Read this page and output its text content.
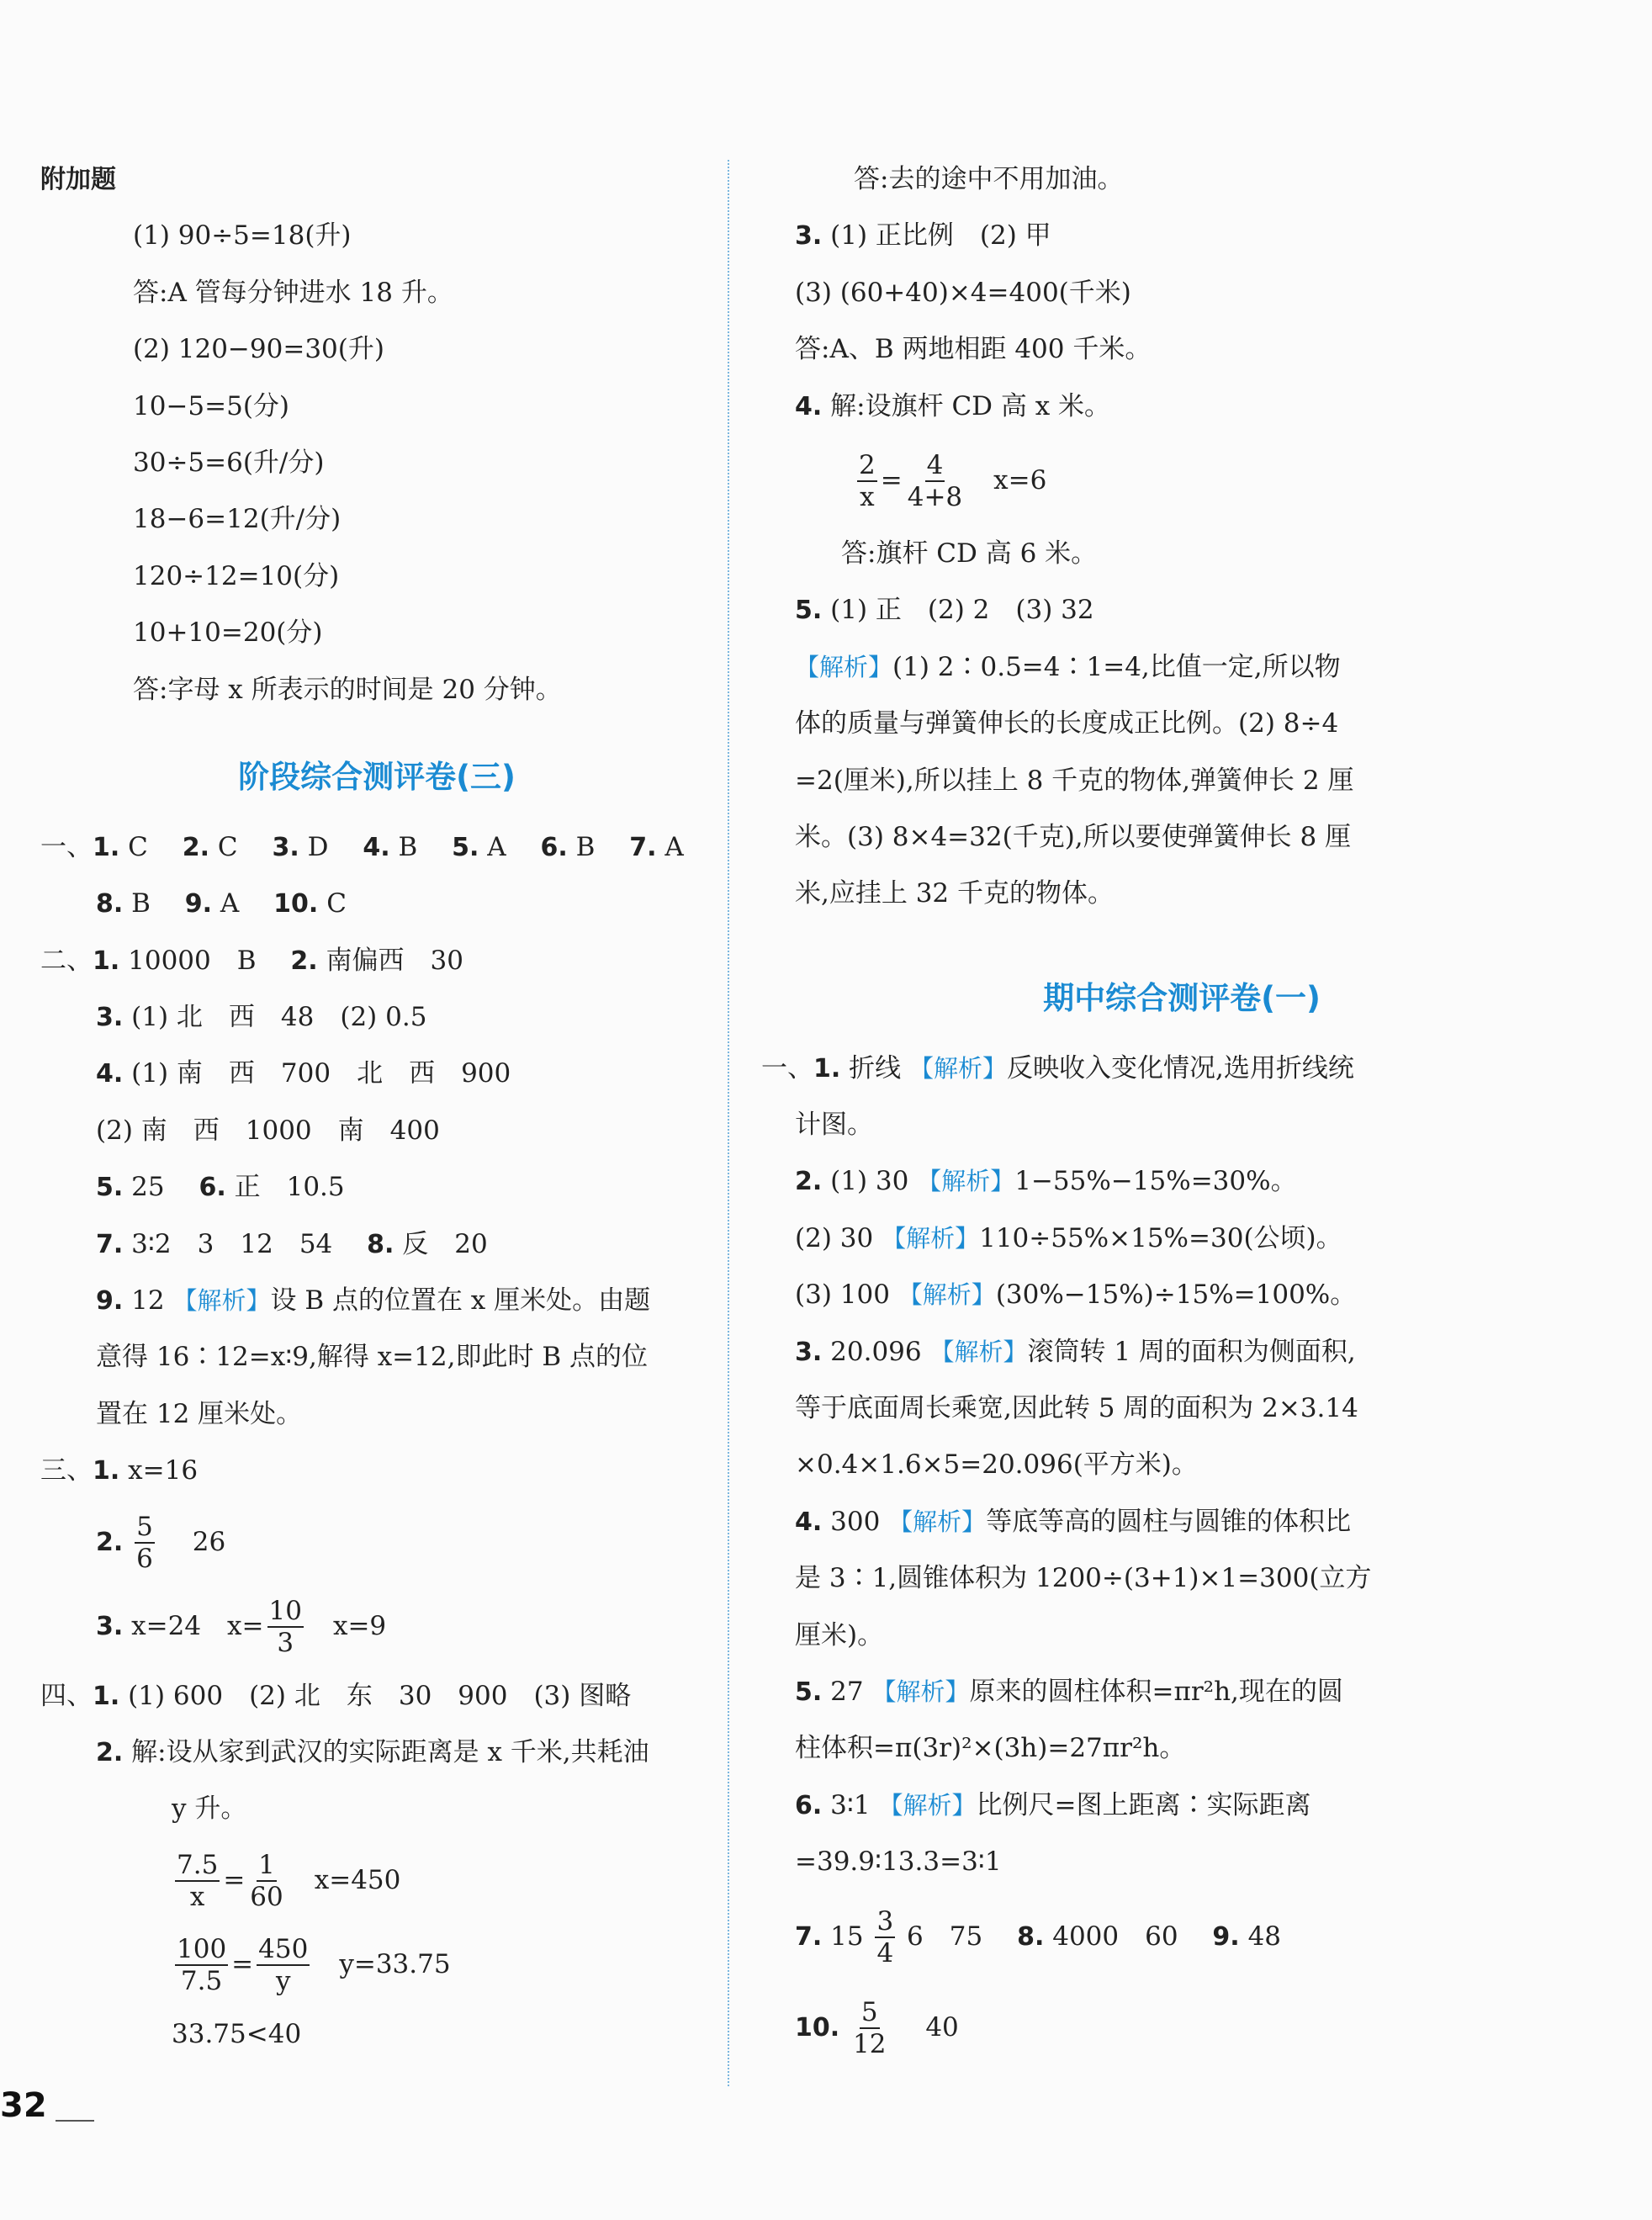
附加题
(1) 90÷5=18(升)
答:A 管每分钟进水 18 升。
(2) 120−90=30(升)
10−5=5(分)
30÷5=6(升/分)
18−6=12(升/分)
120÷12=10(分)
10+10=20(分)
答:字母 x 所表示的时间是 20 分钟。
阶段综合测评卷(三)
一、1. C 　 2. C 　 3. D 　 4. B 　 5. A 　 6. B 　 7. A
8. B 　 9. A 　 10. C
二、1. 10000　B 　 2. 南偏西　30
3. (1) 北　西　48　(2) 0.5
4. (1) 南　西　700　北　西　900
(2) 南　西　1000　南　400
5. 25 　 6. 正　10.5
7. 3∶2　3　12　54 　 8. 反　20
9. 12 【解析】设 B 点的位置在 x 厘米处。由题
意得 16∶12=x∶9,解得 x=12,即此时 B 点的位
置在 12 厘米处。
三、1. x=16
2. $\frac{5}{6}$
　 26
3. x=24　 $x= \frac{10}{3}$
　 x=9
四、1. (1) 600　(2) 北　东　30　900　(3) 图略
2. 解:设从家到武汉的实际距离是 x 千米,共耗油
y 升。
$\frac{7.5}{x} = \frac{1}{60}$
　 x=450
$\frac{100}{7.5} = \frac{450}{y}$
　 y=33.75
33.75<40
答:去的途中不用加油。
3. (1) 正比例　(2) 甲
(3) (60+40)×4=400(千米)
答:A、B 两地相距 400 千米。
4. 解:设旗杆 CD 高 x 米。
$\frac{2}{x} = \frac{4}{4+8}$
　 x=6
答:旗杆 CD 高 6 米。
5. (1) 正　(2) 2　(3) 32
【解析】(1) 2∶0.5=4∶1=4,比值一定,所以物
体的质量与弹簧伸长的长度成正比例。(2) 8÷4
=2(厘米),所以挂上 8 千克的物体,弹簧伸长 2 厘
米。(3) 8×4=32(千克),所以要使弹簧伸长 8 厘
米,应挂上 32 千克的物体。
期中综合测评卷(一)
一、1. 折线 【解析】反映收入变化情况,选用折线统
计图。
2. (1) 30 【解析】1−55%−15%=30%。
(2) 30 【解析】110÷55%×15%=30(公顷)。
(3) 100 【解析】(30%−15%)÷15%=100%。
3. 20.096 【解析】滚筒转 1 周的面积为侧面积,
等于底面周长乘宽,因此转 5 周的面积为 2×3.14
×0.4×1.6×5=20.096(平方米)。
4. 300 【解析】等底等高的圆柱与圆锥的体积比
是 3∶1,圆锥体积为 1200÷(3+1)×1=300(立方
厘米)。
5. 27 【解析】原来的圆柱体积=πr²h,现在的圆
柱体积=π(3r)²×(3h)=27πr²h。
6. 3∶1 【解析】比例尺=图上距离∶实际距离
=39.9∶13.3=3∶1
7. $15 \frac{3}{4} 6$　75 　 8. 4000　60 　 9. 48
10. $\frac{5}{12}$
　 40
32
